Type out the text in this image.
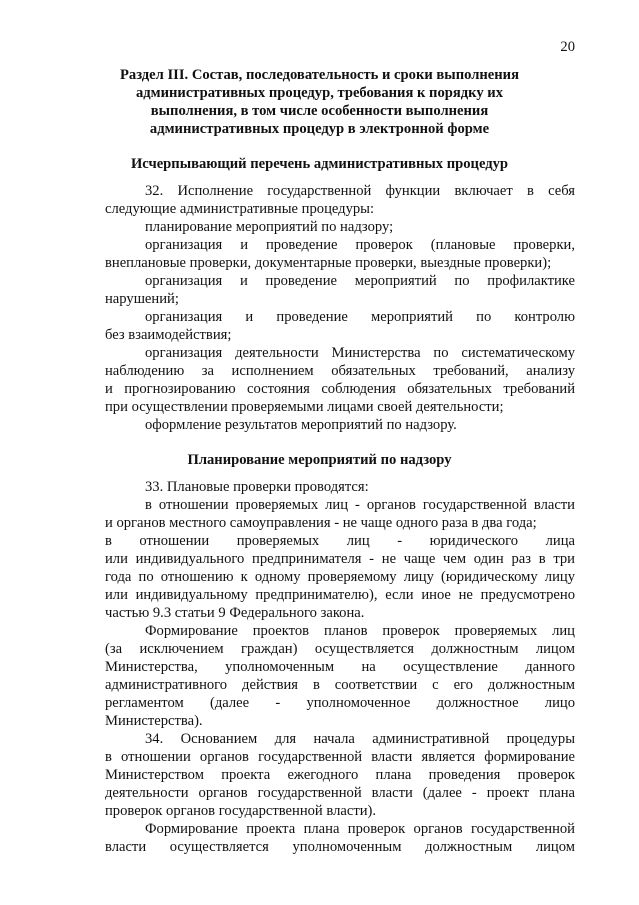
20
Раздел III. Состав, последовательность и сроки выполнения
административных процедур, требования к порядку их
выполнения, в том числе особенности выполнения
административных процедур в электронной форме
Исчерпывающий перечень административных процедур
32. Исполнение государственной функции включает в себя
следующие административные процедуры:
планирование мероприятий по надзору;
организация и проведение проверок (плановые проверки,
внеплановые проверки, документарные проверки, выездные проверки);
организация и проведение мероприятий по профилактике
нарушений;
организация и проведение мероприятий по контролю
без взаимодействия;
организация деятельности Министерства по систематическому
наблюдению за исполнением обязательных требований, анализу
и прогнозированию состояния соблюдения обязательных требований
при осуществлении проверяемыми лицами своей деятельности;
оформление результатов мероприятий по надзору.
Планирование мероприятий по надзору
33. Плановые проверки проводятся:
в отношении проверяемых лиц - органов государственной власти
и органов местного самоуправления - не чаще одного раза в два года;
в отношении проверяемых лиц - юридического лица
или индивидуального предпринимателя - не чаще чем один раз в три
года по отношению к одному проверяемому лицу (юридическому лицу
или индивидуальному предпринимателю), если иное не предусмотрено
частью 9.3 статьи 9 Федерального закона.
Формирование проектов планов проверок проверяемых лиц
(за исключением граждан) осуществляется должностным лицом
Министерства, уполномоченным на осуществление данного
административного действия в соответствии с его должностным
регламентом (далее - уполномоченное должностное лицо
Министерства).
34. Основанием для начала административной процедуры
в отношении органов государственной власти является формирование
Министерством проекта ежегодного плана проведения проверок
деятельности органов государственной власти (далее - проект плана
проверок органов государственной власти).
Формирование проекта плана проверок органов государственной
власти осуществляется уполномоченным должностным лицом
